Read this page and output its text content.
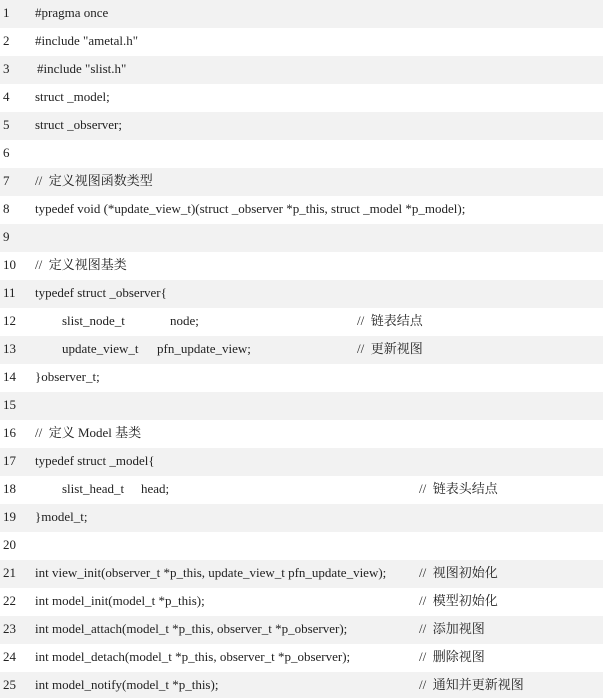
1 #pragma once
2 #include "ametal.h"
3 #include "slist.h"
4 struct _model;
5 struct _observer;
6
7 //  定义视图函数类型
8 typedef void (*update_view_t)(struct _observer *p_this, struct _model *p_model);
9
10 //  定义视图基类
11 typedef struct _observer{
12	slist_node_t	node;	//  链表结点
13	update_view_t pfn_update_view;	//  更新视图
14 }observer_t;
15
16 //  定义 Model 基类
17 typedef struct _model{
18	slist_head_t head;	//  链表头结点
19 }model_t;
20
21 int view_init(observer_t *p_this, update_view_t pfn_update_view);	//  视图初始化
22 int model_init(model_t *p_this);	//  模型初始化
23 int model_attach(model_t *p_this, observer_t *p_observer);	//  添加视图
24 int model_detach(model_t *p_this, observer_t *p_observer);	//  删除视图
25 int model_notify(model_t *p_this);	//  通知并更新视图
